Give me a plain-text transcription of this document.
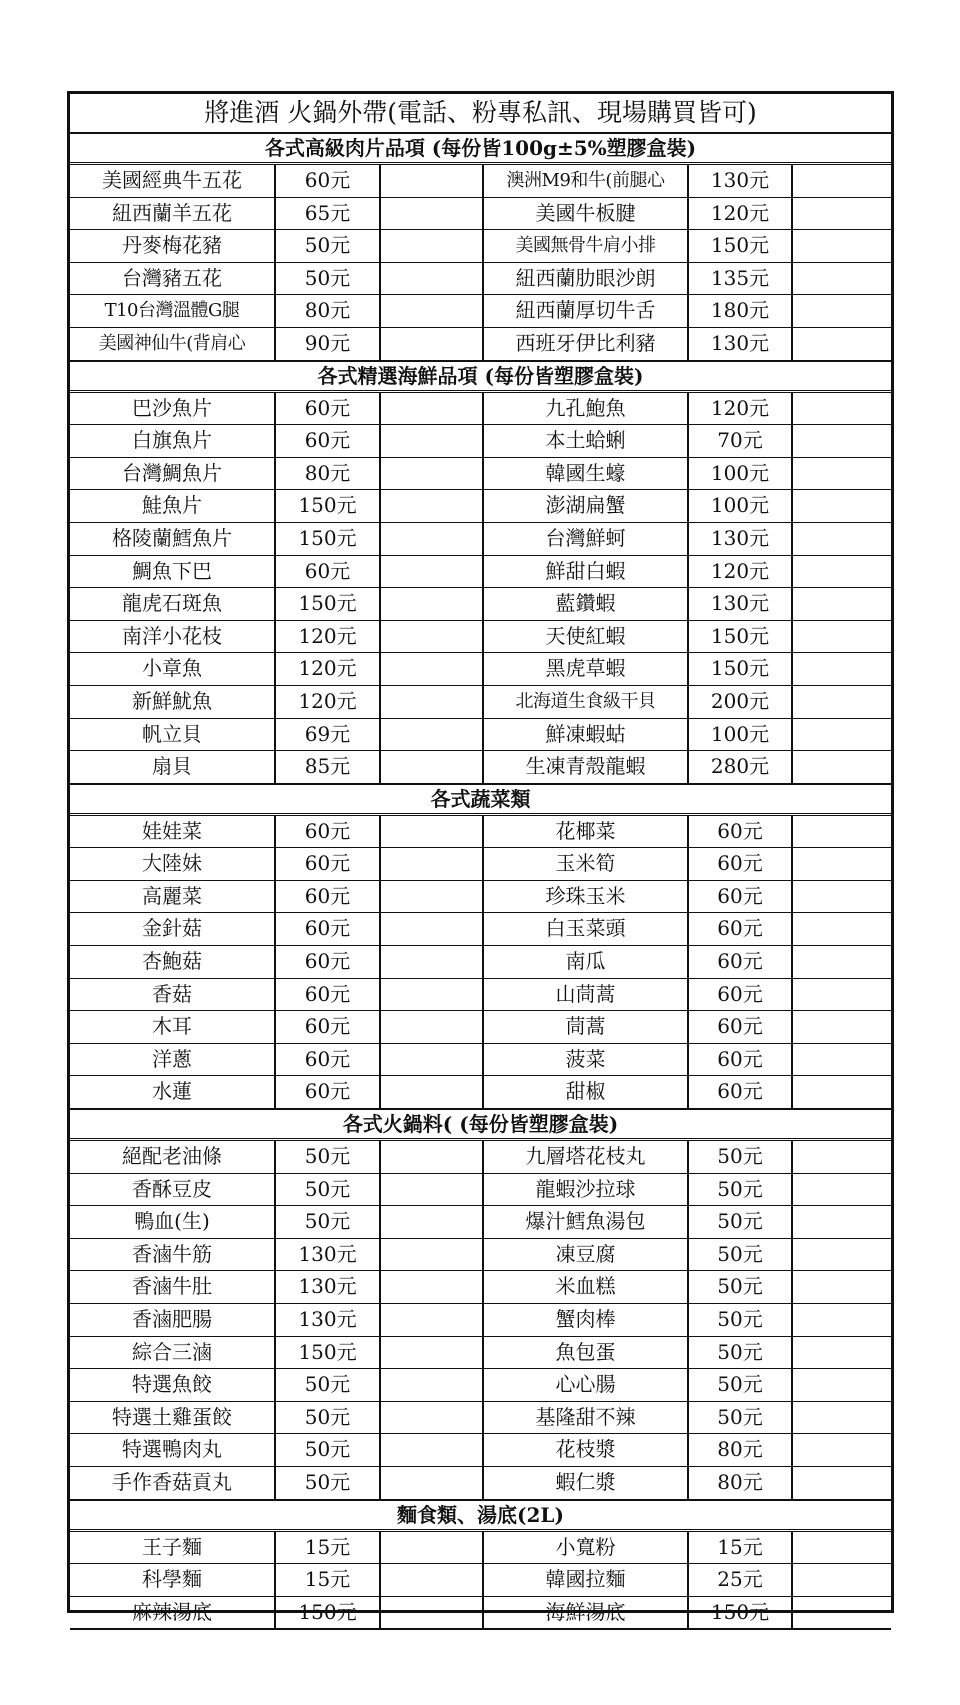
將進酒 火鍋外帶(電話、粉專私訊、現場購買皆可)
各式高級肉片品項 (每份皆100g±5%塑膠盒裝)
美國經典牛五花	60元	澳洲M9和牛(前腿心	130元
紐西蘭羊五花	65元	美國牛板腱	120元
丹麥梅花豬	50元	美國無骨牛肩小排	150元
台灣豬五花	50元	紐西蘭肋眼沙朗	135元
T10台灣溫體G腿	80元	紐西蘭厚切牛舌	180元
美國神仙牛(背肩心	90元	西班牙伊比利豬	130元
各式精選海鮮品項 (每份皆塑膠盒裝)
巴沙魚片	60元	九孔鮑魚	120元
白旗魚片	60元	本土蛤蜊	70元
台灣鯛魚片	80元	韓國生蠔	100元
鮭魚片	150元	澎湖扁蟹	100元
格陵蘭鱈魚片	150元	台灣鮮蚵	130元
鯛魚下巴	60元	鮮甜白蝦	120元
龍虎石斑魚	150元	藍鑽蝦	130元
南洋小花枝	120元	天使紅蝦	150元
小章魚	120元	黑虎草蝦	150元
新鮮魷魚	120元	北海道生食級干貝	200元
帆立貝	69元	鮮凍蝦蛄	100元
扇貝	85元	生凍青殼龍蝦	280元
各式蔬菜類
娃娃菜	60元	花椰菜	60元
大陸妹	60元	玉米筍	60元
高麗菜	60元	珍珠玉米	60元
金針菇	60元	白玉菜頭	60元
杏鮑菇	60元	南瓜	60元
香菇	60元	山茼蒿	60元
木耳	60元	茼蒿	60元
洋蔥	60元	菠菜	60元
水蓮	60元	甜椒	60元
各式火鍋料( (每份皆塑膠盒裝)
絕配老油條	50元	九層塔花枝丸	50元
香酥豆皮	50元	龍蝦沙拉球	50元
鴨血(生)	50元	爆汁鱈魚湯包	50元
香滷牛筋	130元	凍豆腐	50元
香滷牛肚	130元	米血糕	50元
香滷肥腸	130元	蟹肉棒	50元
綜合三滷	150元	魚包蛋	50元
特選魚餃	50元	心心腸	50元
特選土雞蛋餃	50元	基隆甜不辣	50元
特選鴨肉丸	50元	花枝漿	80元
手作香菇貢丸	50元	蝦仁漿	80元
麵食類、湯底(2L)
王子麵	15元	小寬粉	15元
科學麵	15元	韓國拉麵	25元
麻辣湯底	150元	海鮮湯底	150元
